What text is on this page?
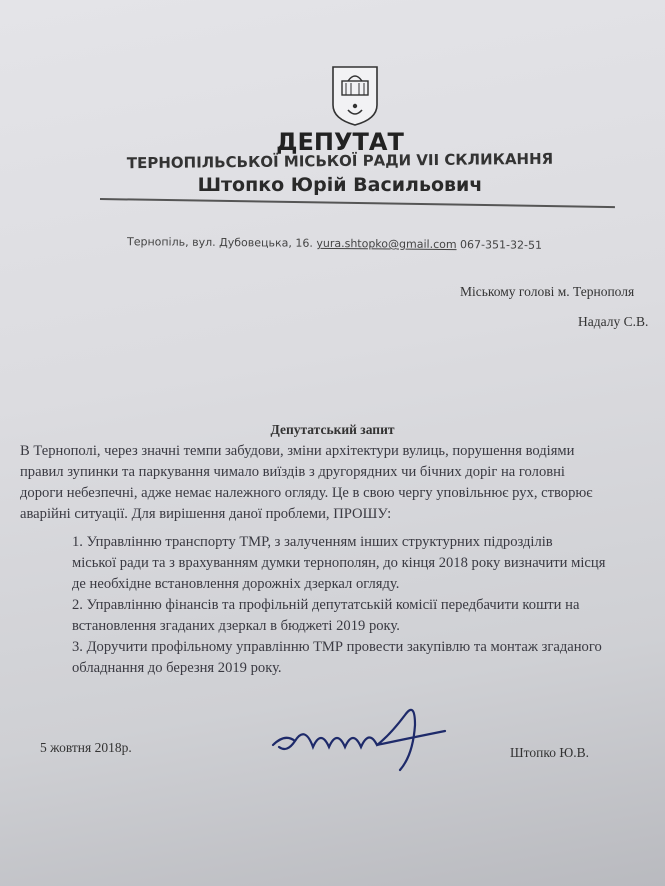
ДЕПУТАТ
ТЕРНОПІЛЬСЬКОЇ МІСЬКОЇ РАДИ VII СКЛИКАННЯ
Штопко Юрій Васильович
Тернопіль, вул. Дубовецька, 16. yura.shtopko@gmail.com 067-351-32-51
Міському голові м. Тернополя
Надалу С.В.
Депутатський запит
В Тернополі, через значні темпи забудови, зміни архітектури вулиць, порушення водіями
правил зупинки та паркування чимало виїздів з другорядних чи бічних доріг на головні
дороги небезпечні, адже немає належного огляду. Це в свою чергу уповільнює рух, створює
аварійні ситуації. Для вирішення даної проблеми, ПРОШУ:
1. Управлінню транспорту ТМР, з залученням інших структурних підрозділів
міської ради та з врахуванням думки тернополян, до кінця 2018 року визначити місця
де необхідне встановлення дорожніх дзеркал огляду.
2. Управлінню фінансів та профільній депутатській комісії передбачити кошти на
встановлення згаданих дзеркал в бюджеті 2019 року.
3. Доручити профільному управлінню ТМР провести закупівлю та монтаж згаданого
обладнання до березня 2019 року.
5 жовтня 2018р.	Штопко Ю.В.
